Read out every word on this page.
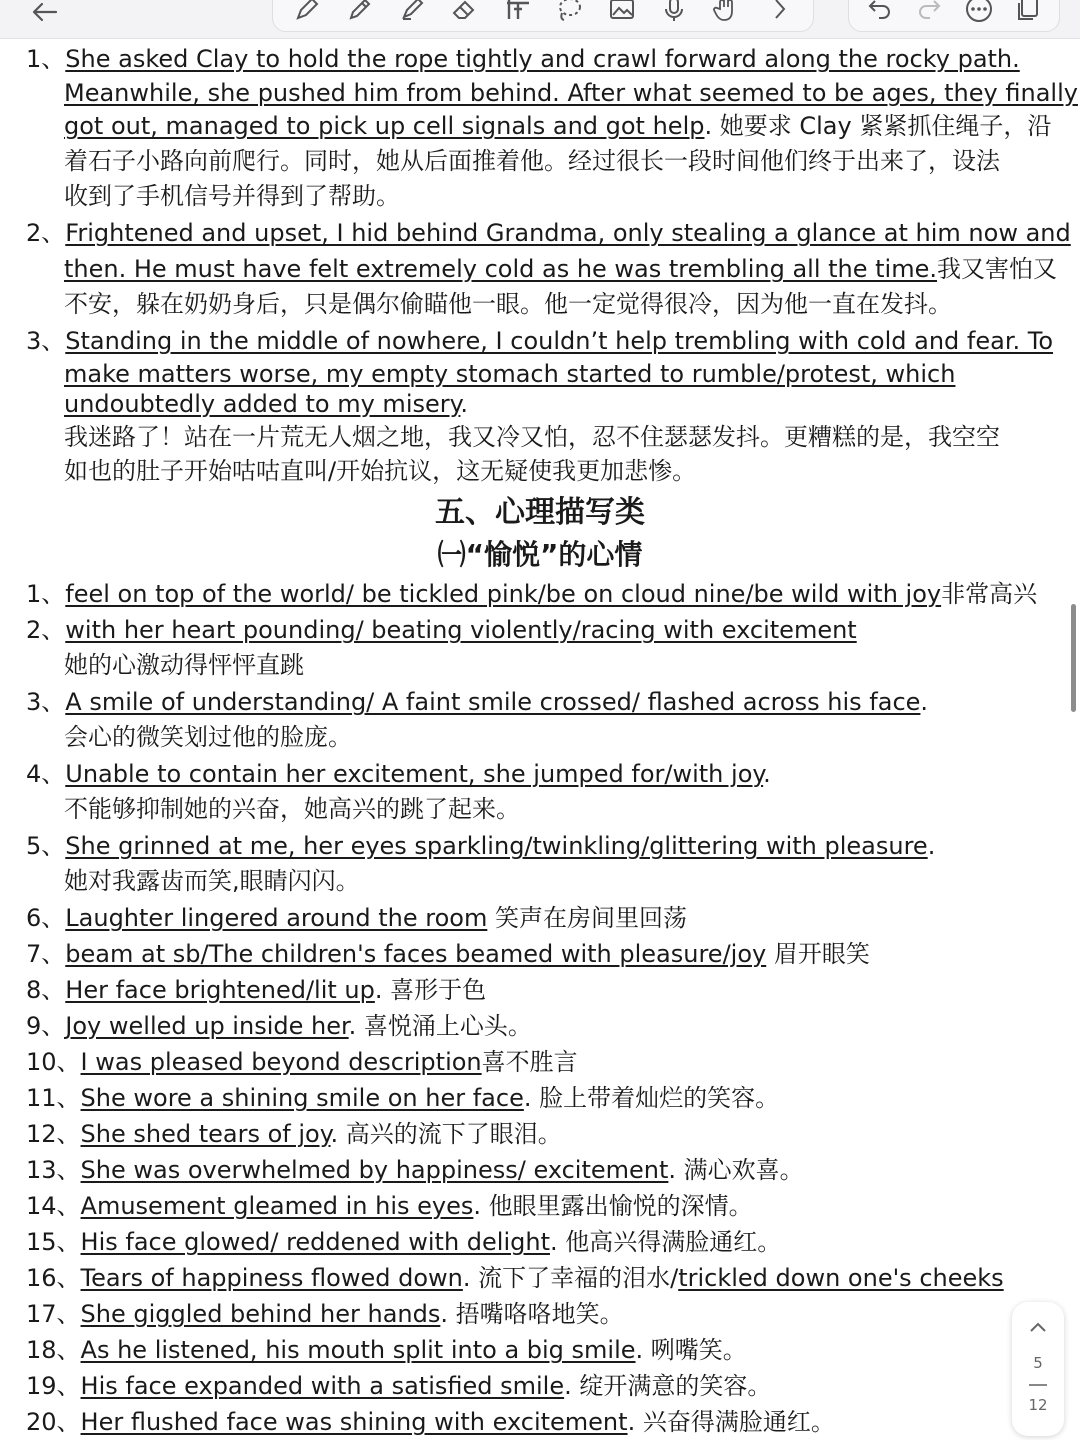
1、She asked Clay to hold the rope tightly and crawl forward along the rocky path.
Meanwhile, she pushed him from behind. After what seemed to be ages, they finally
got out, managed to pick up cell signals and got help. 她要求 Clay 紧紧抓住绳子，沿
着石子小路向前爬行。同时，她从后面推着他。经过很长一段时间他们终于出来了，设法
收到了手机信号并得到了帮助。
2、Frightened and upset, I hid behind Grandma, only stealing a glance at him now and
then. He must have felt extremely cold as he was trembling all the time.我又害怕又
不安，躲在奶奶身后，只是偶尔偷瞄他一眼。他一定觉得很冷，因为他一直在发抖。
3、Standing in the middle of nowhere, I couldn’t help trembling with cold and fear. To
make matters worse, my empty stomach started to rumble/protest, which
undoubtedly added to my misery.
我迷路了！站在一片荒无人烟之地，我又冷又怕，忍不住瑟瑟发抖。更糟糕的是，我空空
如也的肚子开始咕咕直叫/开始抗议，这无疑使我更加悲惨。
五、心理描写类
㈠“愉悦”的心情
1、feel on top of the world/ be tickled pink/be on cloud nine/be wild with joy非常高兴
2、with her heart pounding/ beating violently/racing with excitement
她的心激动得怦怦直跳
3、A smile of understanding/ A faint smile crossed/ flashed across his face.
会心的微笑划过他的脸庞。
4、Unable to contain her excitement, she jumped for/with joy.
不能够抑制她的兴奋，她高兴的跳了起来。
5、She grinned at me, her eyes sparkling/twinkling/glittering with pleasure.
她对我露齿而笑,眼睛闪闪。
6、Laughter lingered around the room 笑声在房间里回荡
7、beam at sb/The children's faces beamed with pleasure/joy 眉开眼笑
8、Her face brightened/lit up. 喜形于色
9、Joy welled up inside her. 喜悦涌上心头。
10、I was pleased beyond description喜不胜言
11、She wore a shining smile on her face. 脸上带着灿烂的笑容。
12、She shed tears of joy. 高兴的流下了眼泪。
13、She was overwhelmed by happiness/ excitement. 满心欢喜。
14、Amusement gleamed in his eyes. 他眼里露出愉悦的深情。
15、His face glowed/ reddened with delight. 他高兴得满脸通红。
16、Tears of happiness flowed down. 流下了幸福的泪水/trickled down one's cheeks
17、She giggled behind her hands. 捂嘴咯咯地笑。
18、As he listened, his mouth split into a big smile. 咧嘴笑。
19、His face expanded with a satisfied smile. 绽开满意的笑容。
20、Her flushed face was shining with excitement. 兴奋得满脸通红。
5
12
